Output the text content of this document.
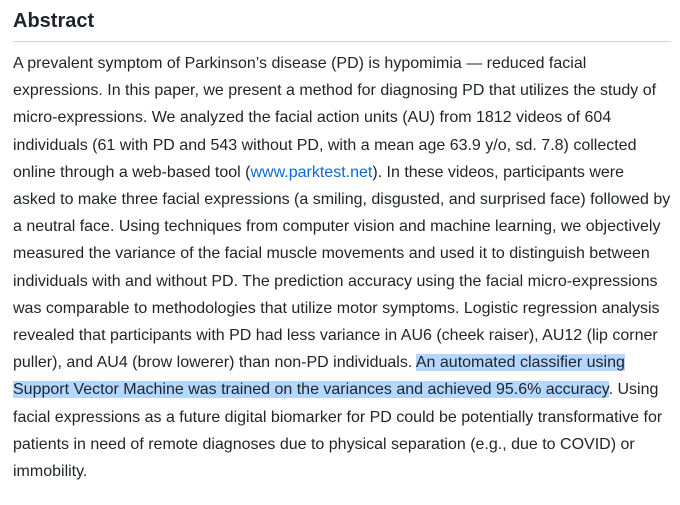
Abstract

A prevalent symptom of Parkinson’s disease (PD) is hypomimia — reduced facial expressions. In this paper, we present a method for diagnosing PD that utilizes the study of micro-expressions. We analyzed the facial action units (AU) from 1812 videos of 604 individuals (61 with PD and 543 without PD, with a mean age 63.9 y/o, sd. 7.8) collected online through a web-based tool (www.parktest.net). In these videos, participants were asked to make three facial expressions (a smiling, disgusted, and surprised face) followed by a neutral face. Using techniques from computer vision and machine learning, we objectively measured the variance of the facial muscle movements and used it to distinguish between individuals with and without PD. The prediction accuracy using the facial micro-expressions was comparable to methodologies that utilize motor symptoms. Logistic regression analysis revealed that participants with PD had less variance in AU6 (cheek raiser), AU12 (lip corner puller), and AU4 (brow lowerer) than non-PD individuals. An automated classifier using Support Vector Machine was trained on the variances and achieved 95.6% accuracy. Using facial expressions as a future digital biomarker for PD could be potentially transformative for patients in need of remote diagnoses due to physical separation (e.g., due to COVID) or immobility.
